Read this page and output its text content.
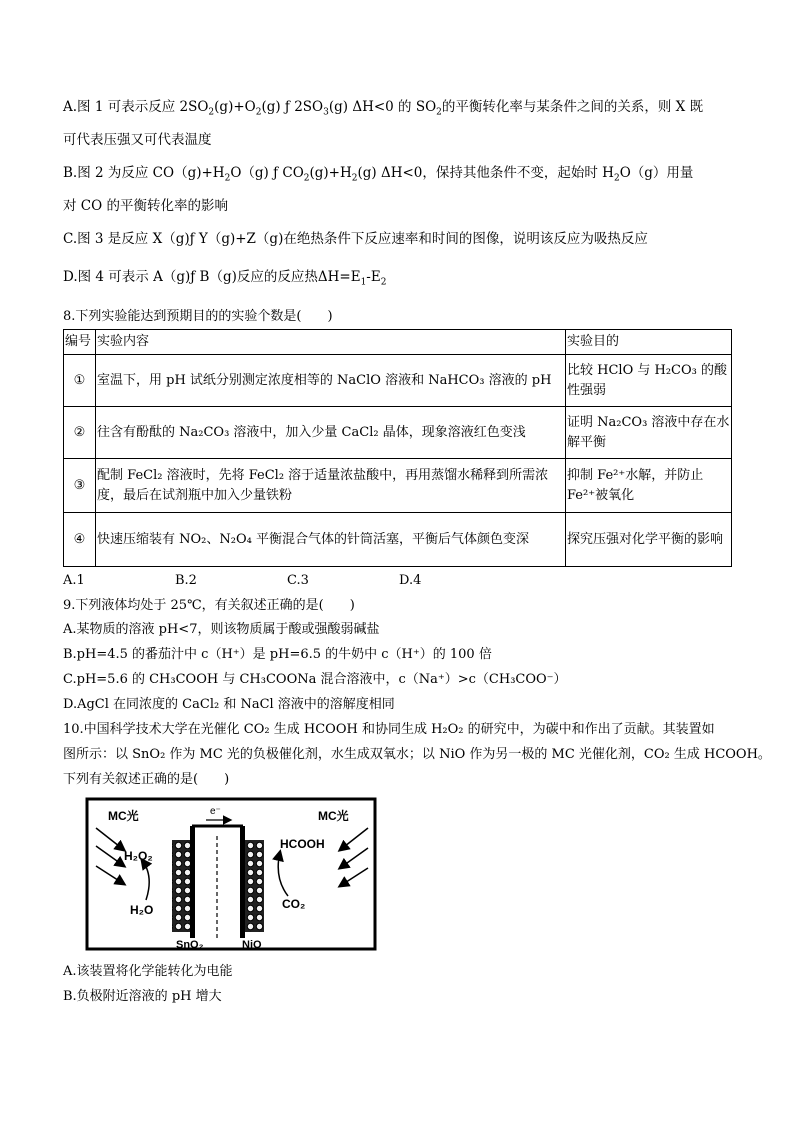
A.图 1 可表示反应 $2SO_2(g)+O_2(g)$ ƒ $2SO_3(g)$ ΔH<0 的 $SO_2$的平衡转化率与某条件之间的关系，则 X 既
可代表压强又可代表温度
B.图 2 为反应 $CO(g)+H_2O(g)$ ƒ $CO_2(g)+H_2(g)$ ΔH<0，保持其他条件不变，起始时 $H_2O(g)$用量
对 CO 的平衡转化率的影响
C.图 3 是反应 X（g)ƒ Y（g)+Z（g)在绝热条件下反应速率和时间的图像，说明该反应为吸热反应
D.图 4 可表示 A（g)ƒ B（g)反应的反应热$\Delta H=E_1-E_2$
8.下列实验能达到预期目的的实验个数是(　　)
编号	实验内容	实验目的
①	室温下，用 pH 试纸分别测定浓度相等的 NaClO 溶液和 NaHCO₃ 溶液的 pH	比较 HClO 与 H₂CO₃ 的酸性强弱
②	往含有酚酞的 Na₂CO₃ 溶液中，加入少量 CaCl₂ 晶体，现象溶液红色变浅	证明 Na₂CO₃ 溶液中存在水解平衡
③	配制 FeCl₂ 溶液时，先将 FeCl₂ 溶于适量浓盐酸中，再用蒸馏水稀释到所需浓度，最后在试剂瓶中加入少量铁粉	抑制 Fe²⁺水解，并防止 Fe²⁺被氧化
④	快速压缩装有 NO₂、N₂O₄ 平衡混合气体的针筒活塞，平衡后气体颜色变深	探究压强对化学平衡的影响
A.1	B.2	C.3	D.4
9.下列液体均处于 25℃，有关叙述正确的是(　　)
A.某物质的溶液 pH<7，则该物质属于酸或强酸弱碱盐
B.pH=4.5 的番茄汁中 c（H⁺）是 pH=6.5 的牛奶中 c（H⁺）的 100 倍
C.pH=5.6 的 CH₃COOH 与 CH₃COONa 混合溶液中，c（Na⁺）>c（CH₃COO⁻）
D.AgCl 在同浓度的 CaCl₂ 和 NaCl 溶液中的溶解度相同
10.中国科学技术大学在光催化 CO₂ 生成 HCOOH 和协同生成 H₂O₂ 的研究中，为碳中和作出了贡献。其装置如
图所示：以 SnO₂ 作为 MC 光的负极催化剂，水生成双氧水；以 NiO 作为另一极的 MC 光催化剂，CO₂ 生成 HCOOH。
下列有关叙述正确的是(　　)
MC光	MC光
e⁻
H₂O₂
H₂O
HCOOH
CO₂
SnO₂	NiO
A.该装置将化学能转化为电能
B.负极附近溶液的 pH 增大
